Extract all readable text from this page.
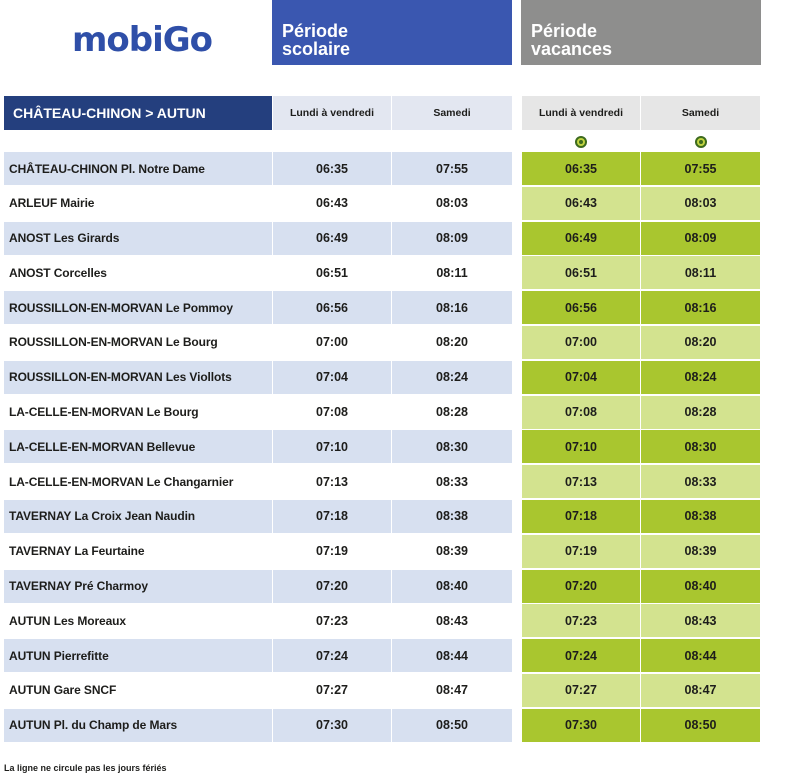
mobiGo	Période
scolaire
Période
vacances
CHÂTEAU-CHINON > AUTUN	Lundi à vendredi	Samedi	Lundi à vendredi	Samedi
CHÂTEAU-CHINON Pl. Notre Dame	06:35	07:55	06:35	07:55
ARLEUF Mairie	06:43	08:03	06:43	08:03
ANOST Les Girards	06:49	08:09	06:49	08:09
ANOST Corcelles	06:51	08:11	06:51	08:11
ROUSSILLON-EN-MORVAN Le Pommoy	06:56	08:16	06:56	08:16
ROUSSILLON-EN-MORVAN Le Bourg	07:00	08:20	07:00	08:20
ROUSSILLON-EN-MORVAN Les Viollots	07:04	08:24	07:04	08:24
LA-CELLE-EN-MORVAN Le Bourg	07:08	08:28	07:08	08:28
LA-CELLE-EN-MORVAN Bellevue	07:10	08:30	07:10	08:30
LA-CELLE-EN-MORVAN Le Changarnier	07:13	08:33	07:13	08:33
TAVERNAY La Croix Jean Naudin	07:18	08:38	07:18	08:38
TAVERNAY La Feurtaine	07:19	08:39	07:19	08:39
TAVERNAY Pré Charmoy	07:20	08:40	07:20	08:40
AUTUN Les Moreaux	07:23	08:43	07:23	08:43
AUTUN Pierrefitte	07:24	08:44	07:24	08:44
AUTUN Gare SNCF	07:27	08:47	07:27	08:47
AUTUN Pl. du Champ de Mars	07:30	08:50	07:30	08:50
La ligne ne circule pas les jours fériés
